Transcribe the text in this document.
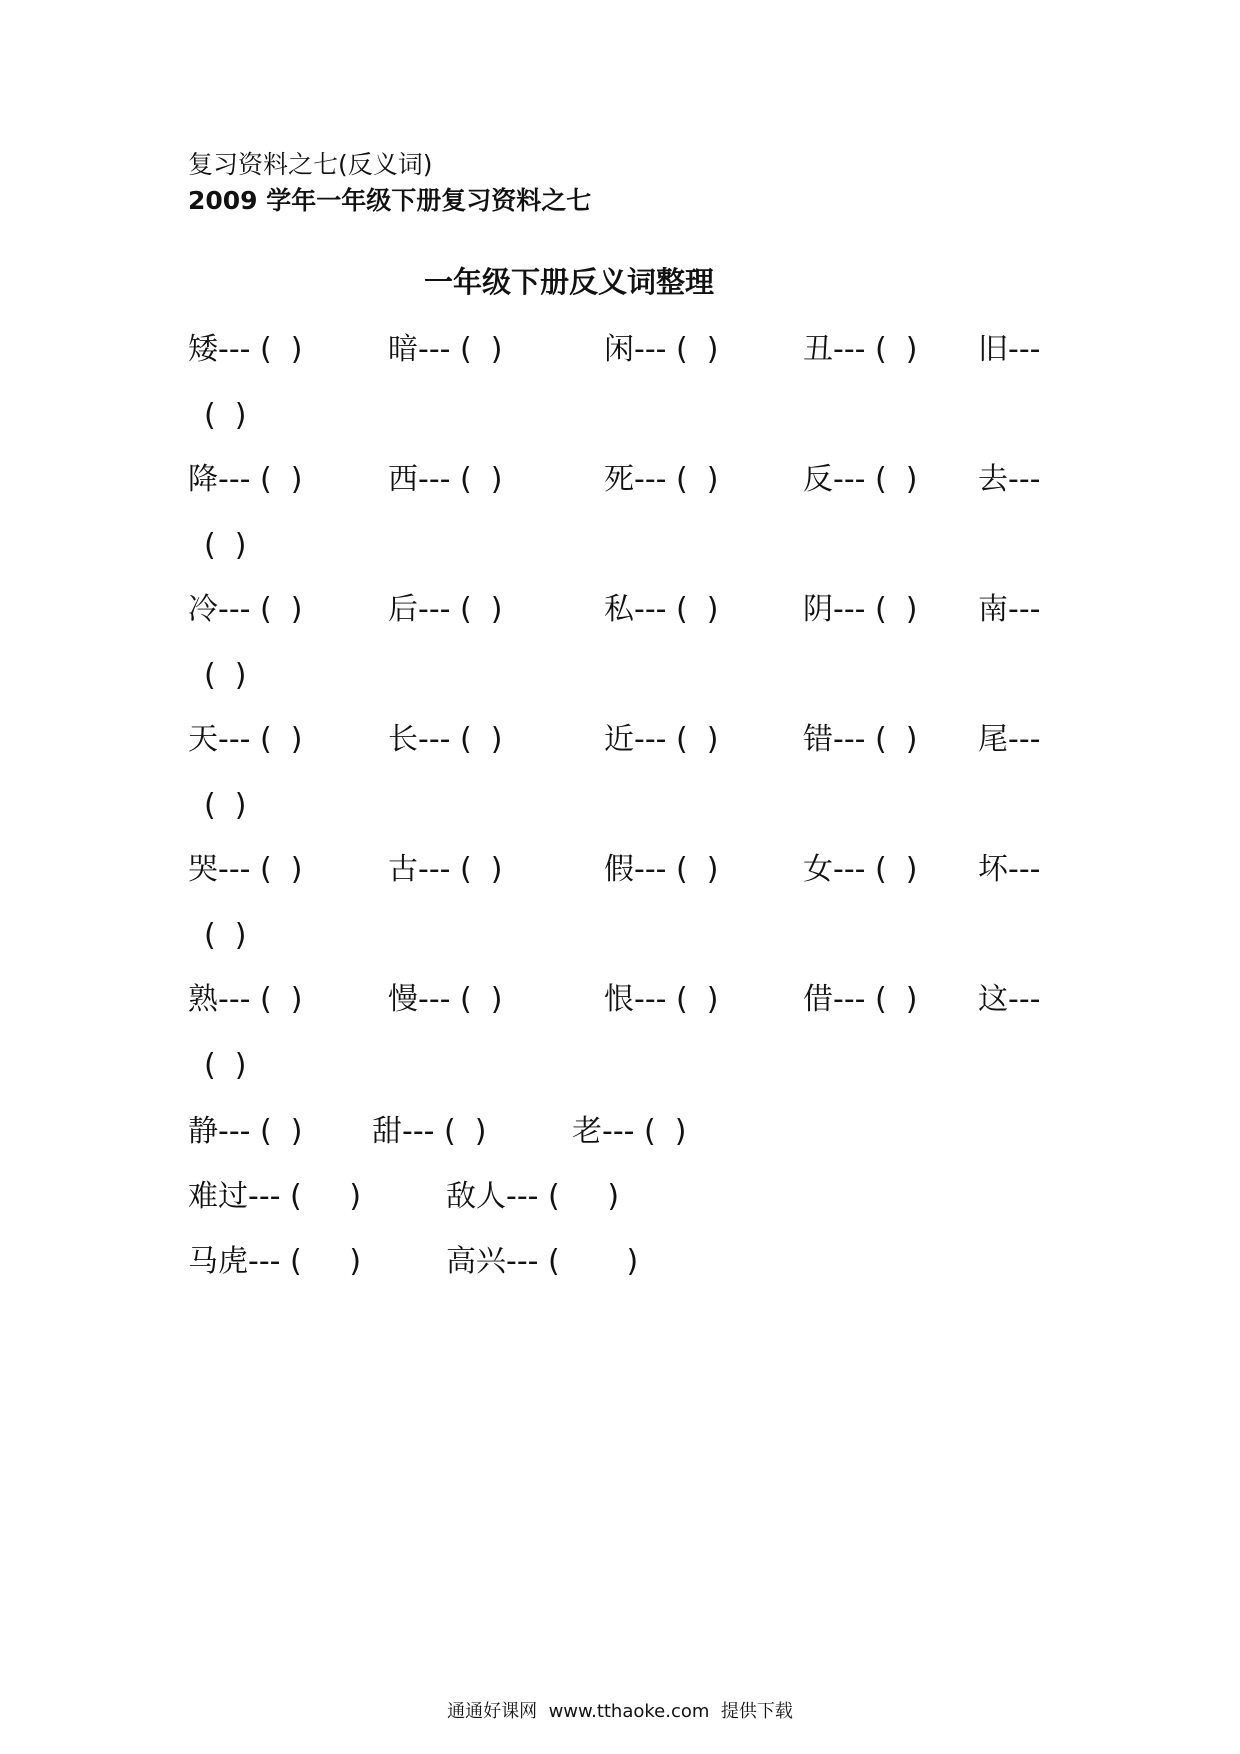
复习资料之七(反义词)
2009 学年一年级下册复习资料之七
一年级下册反义词整理
矮--- (  )	暗--- (  )	闲--- (  )	丑--- (  ) 旧---
(  )
降--- (  )	西--- (  )	死--- (  )	反--- (  ) 去---
(  )
冷--- (  )	后--- (  )	私--- (  )	阴--- (  ) 南---
(  )
天--- (  )	长--- (  )	近--- (  )	错--- (  ) 尾---
(  )
哭--- (  )	古--- (  )	假--- (  )	女--- (  ) 坏---
(  )
熟--- (  )	慢--- (  )	恨--- (  )	借--- (  ) 这---
(  )
静--- (  ) 甜--- (  )	老--- (  )
难过--- (     )	敌人--- (     )
马虎--- (     )	高兴--- (       )
通通好课网  www.tthaoke.com  提供下载
